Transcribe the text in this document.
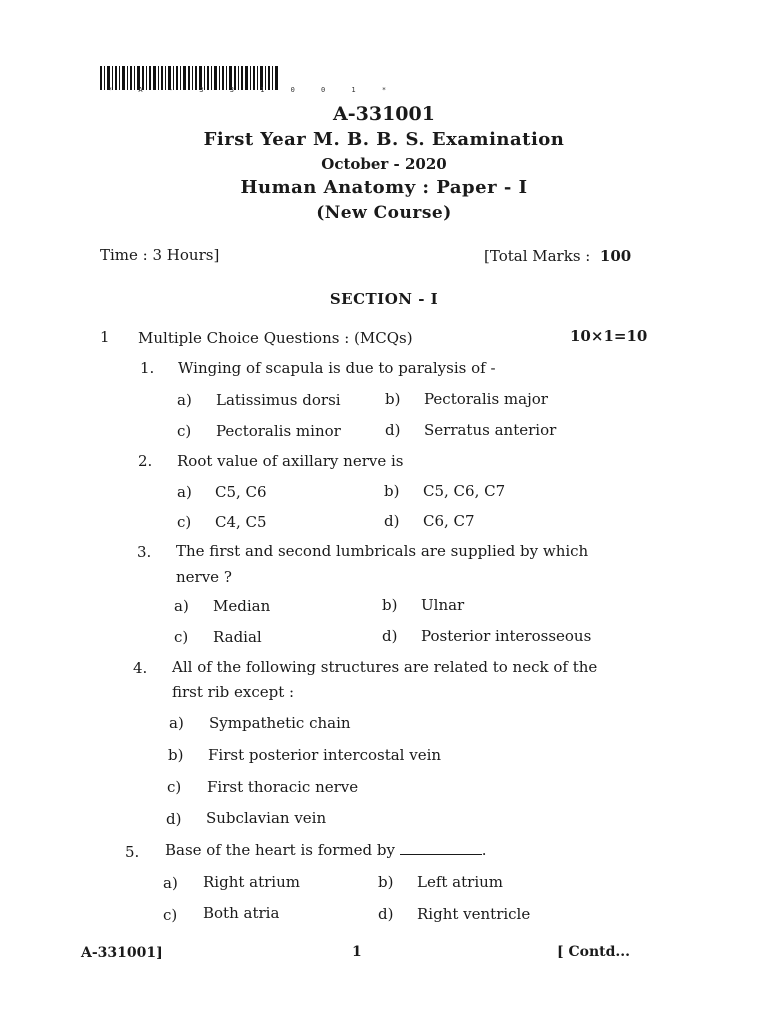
* A - 3 3 1 0 0 1 *
A-331001
First Year M. B. B. S. Examination
October - 2020
Human Anatomy : Paper - I
(New Course)
Time : 3 Hours]	[Total Marks : 100
SECTION - I
1 Multiple Choice Questions : (MCQs)	10×1=10
1. Winging of scapula is due to paralysis of -
a) Latissimus dorsi	b) Pectoralis major
c) Pectoralis minor	d) Serratus anterior
2. Root value of axillary nerve is
a) C5, C6	b) C5, C6, C7
c) C4, C5	d) C6, C7
3. The first and second lumbricals are supplied by which
nerve ?
a) Median	b) Ulnar
c) Radial	d) Posterior interosseous
4. All of the following structures are related to neck of the
first rib except :
a) Sympathetic chain
b) First posterior intercostal vein
c) First thoracic nerve
d) Subclavian vein
5. Base of the heart is formed by	.
a) Right atrium	b) Left atrium
c) Both atria	d) Right ventricle
A-331001]	1	[ Contd...
